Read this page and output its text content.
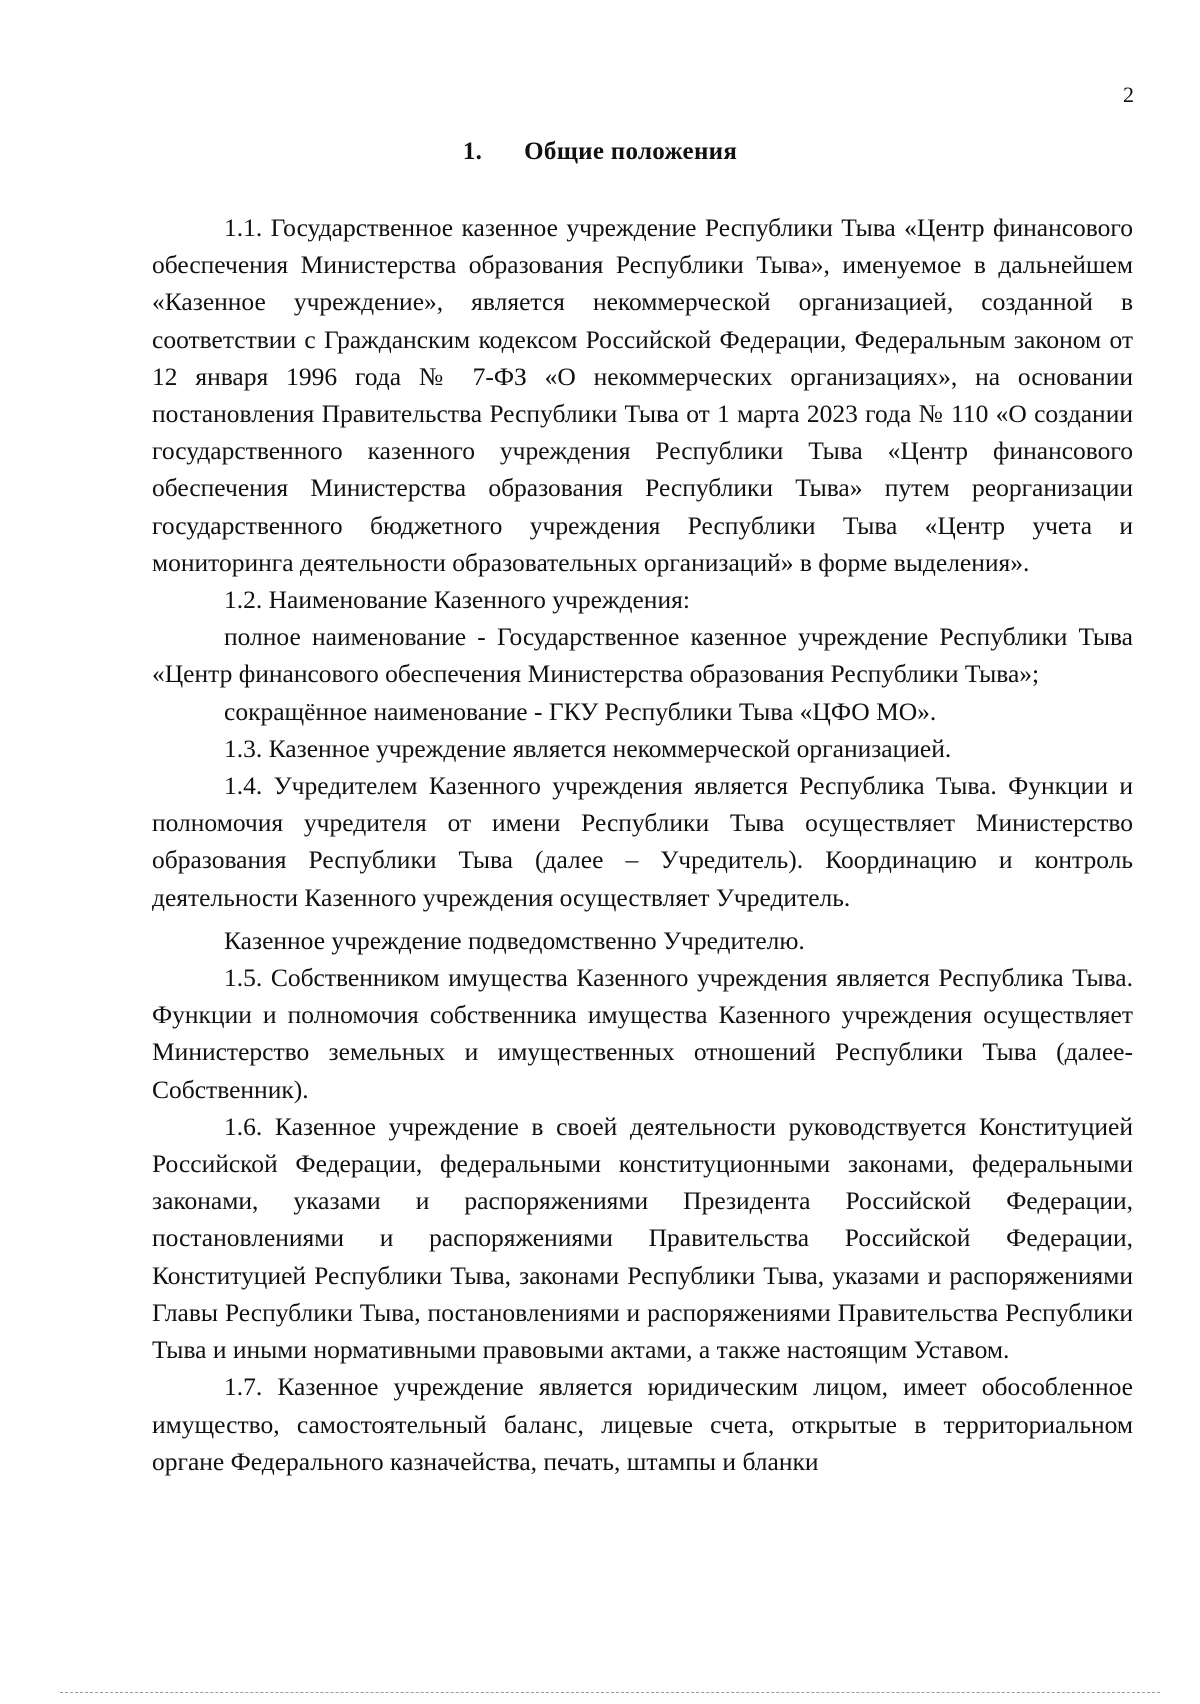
2
1. Общие положения

1.1. Государственное казенное учреждение Республики Тыва «Центр финансового обеспечения Министерства образования Республики Тыва», именуемое в дальнейшем «Казенное учреждение», является некоммерческой организацией, созданной в соответствии с Гражданским кодексом Российской Федерации, Федеральным законом от 12 января 1996 года № 7-ФЗ «О некоммерческих организациях», на основании постановления Правительства Республики Тыва от 1 марта 2023 года № 110 «О создании государственного казенного учреждения Республики Тыва «Центр финансового обеспечения Министерства образования Республики Тыва» путем реорганизации государственного бюджетного учреждения Республики Тыва «Центр учета и мониторинга деятельности образовательных организаций» в форме выделения».

1.2. Наименование Казенного учреждения:

полное наименование - Государственное казенное учреждение Республики Тыва «Центр финансового обеспечения Министерства образования Республики Тыва»;

сокращённое наименование - ГКУ Республики Тыва «ЦФО МО».

1.3. Казенное учреждение является некоммерческой организацией.

1.4. Учредителем Казенного учреждения является Республика Тыва. Функции и полномочия учредителя от имени Республики Тыва осуществляет Министерство образования Республики Тыва (далее – Учредитель). Координацию и контроль деятельности Казенного учреждения осуществляет Учредитель.

Казенное учреждение подведомственно Учредителю.

1.5. Собственником имущества Казенного учреждения является Республика Тыва. Функции и полномочия собственника имущества Казенного учреждения осуществляет Министерство земельных и имущественных отношений Республики Тыва (далее- Собственник).

1.6. Казенное учреждение в своей деятельности руководствуется Конституцией Российской Федерации, федеральными конституционными законами, федеральными законами, указами и распоряжениями Президента Российской Федерации, постановлениями и распоряжениями Правительства Российской Федерации, Конституцией Республики Тыва, законами Республики Тыва, указами и распоряжениями Главы Республики Тыва, постановлениями и распоряжениями Правительства Республики Тыва и иными нормативными правовыми актами, а также настоящим Уставом.

1.7. Казенное учреждение является юридическим лицом, имеет обособленное имущество, самостоятельный баланс, лицевые счета, открытые в территориальном органе Федерального казначейства, печать, штампы и бланки
